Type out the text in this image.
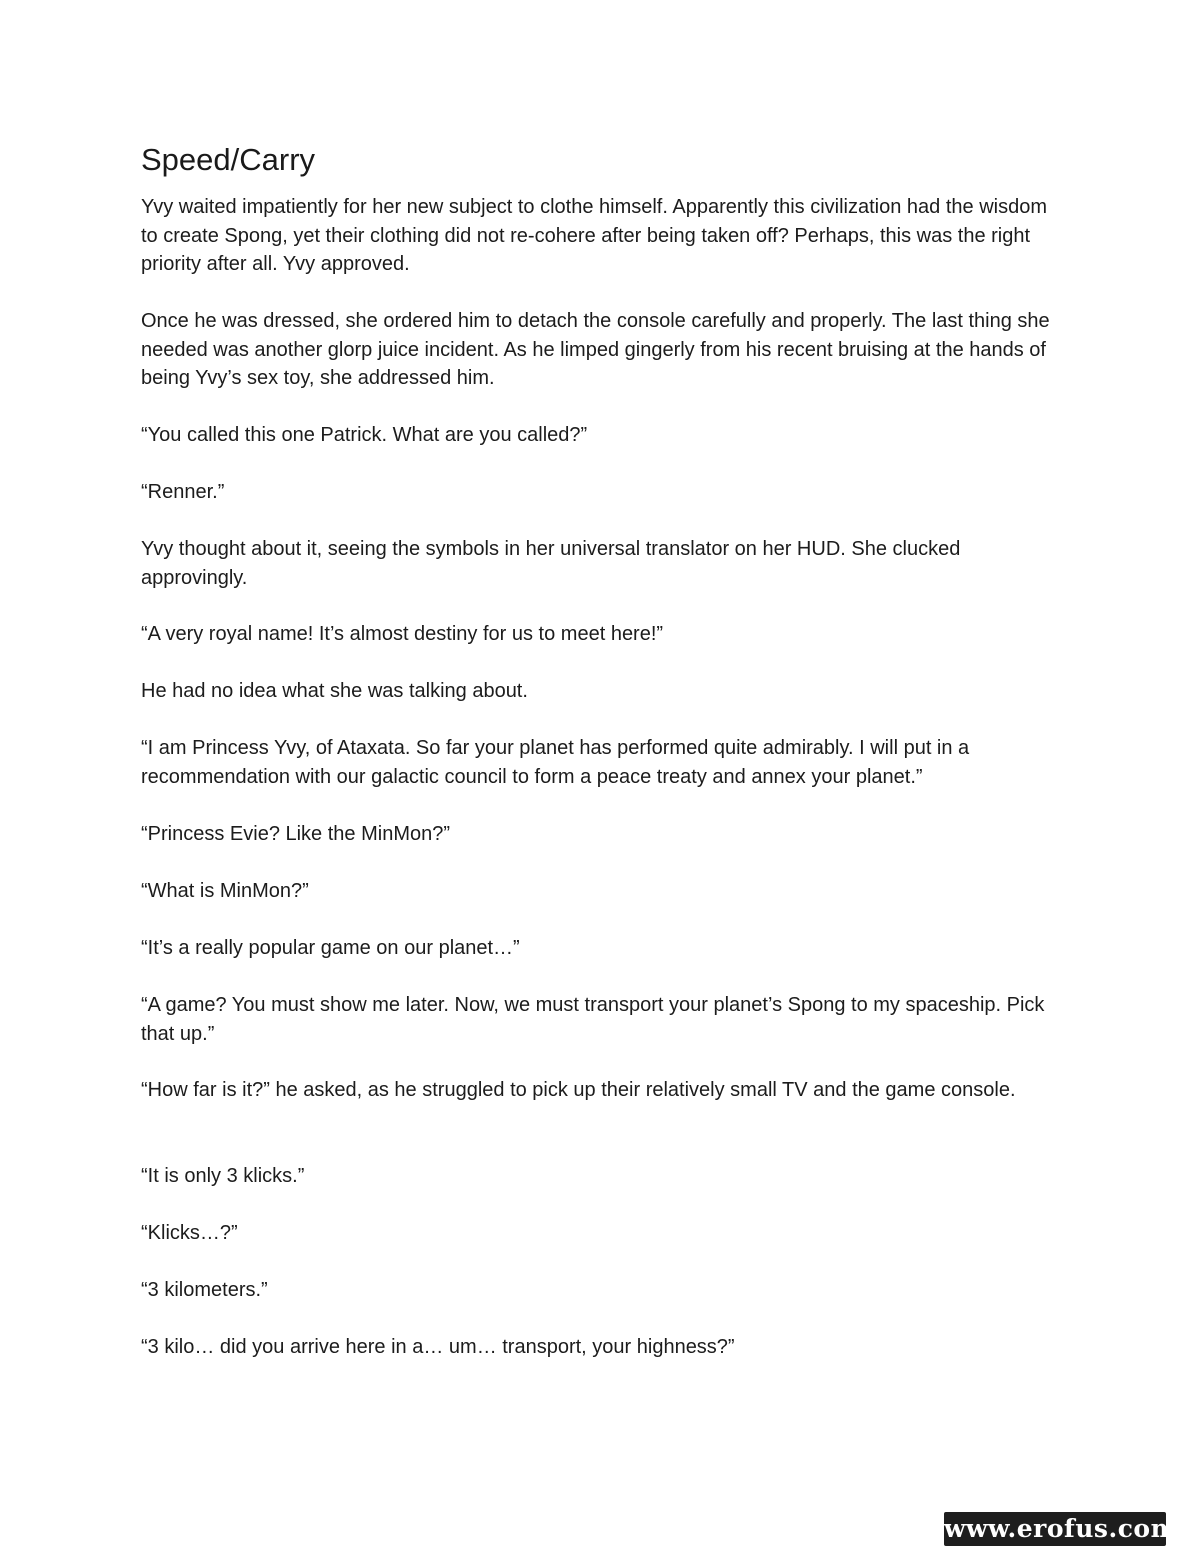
Speed/Carry

Yvy waited impatiently for her new subject to clothe himself. Apparently this civilization had the wisdom to create Spong, yet their clothing did not re-cohere after being taken off? Perhaps, this was the right priority after all. Yvy approved.

Once he was dressed, she ordered him to detach the console carefully and properly. The last thing she needed was another glorp juice incident. As he limped gingerly from his recent bruising at the hands of being Yvy’s sex toy, she addressed him.

“You called this one Patrick. What are you called?”

“Renner.”

Yvy thought about it, seeing the symbols in her universal translator on her HUD. She clucked approvingly.

“A very royal name! It’s almost destiny for us to meet here!”

He had no idea what she was talking about.

“I am Princess Yvy, of Ataxata. So far your planet has performed quite admirably. I will put in a recommendation with our galactic council to form a peace treaty and annex your planet.”

“Princess Evie? Like the MinMon?”

“What is MinMon?”

“It’s a really popular game on our planet…”

“A game? You must show me later. Now, we must transport your planet’s Spong to my spaceship. Pick that up.”

“How far is it?” he asked, as he struggled to pick up their relatively small TV and the game console.

“It is only 3 klicks.”

“Klicks…?”

“3 kilometers.”

“3 kilo… did you arrive here in a… um… transport, your highness?”

www.erofus.com
